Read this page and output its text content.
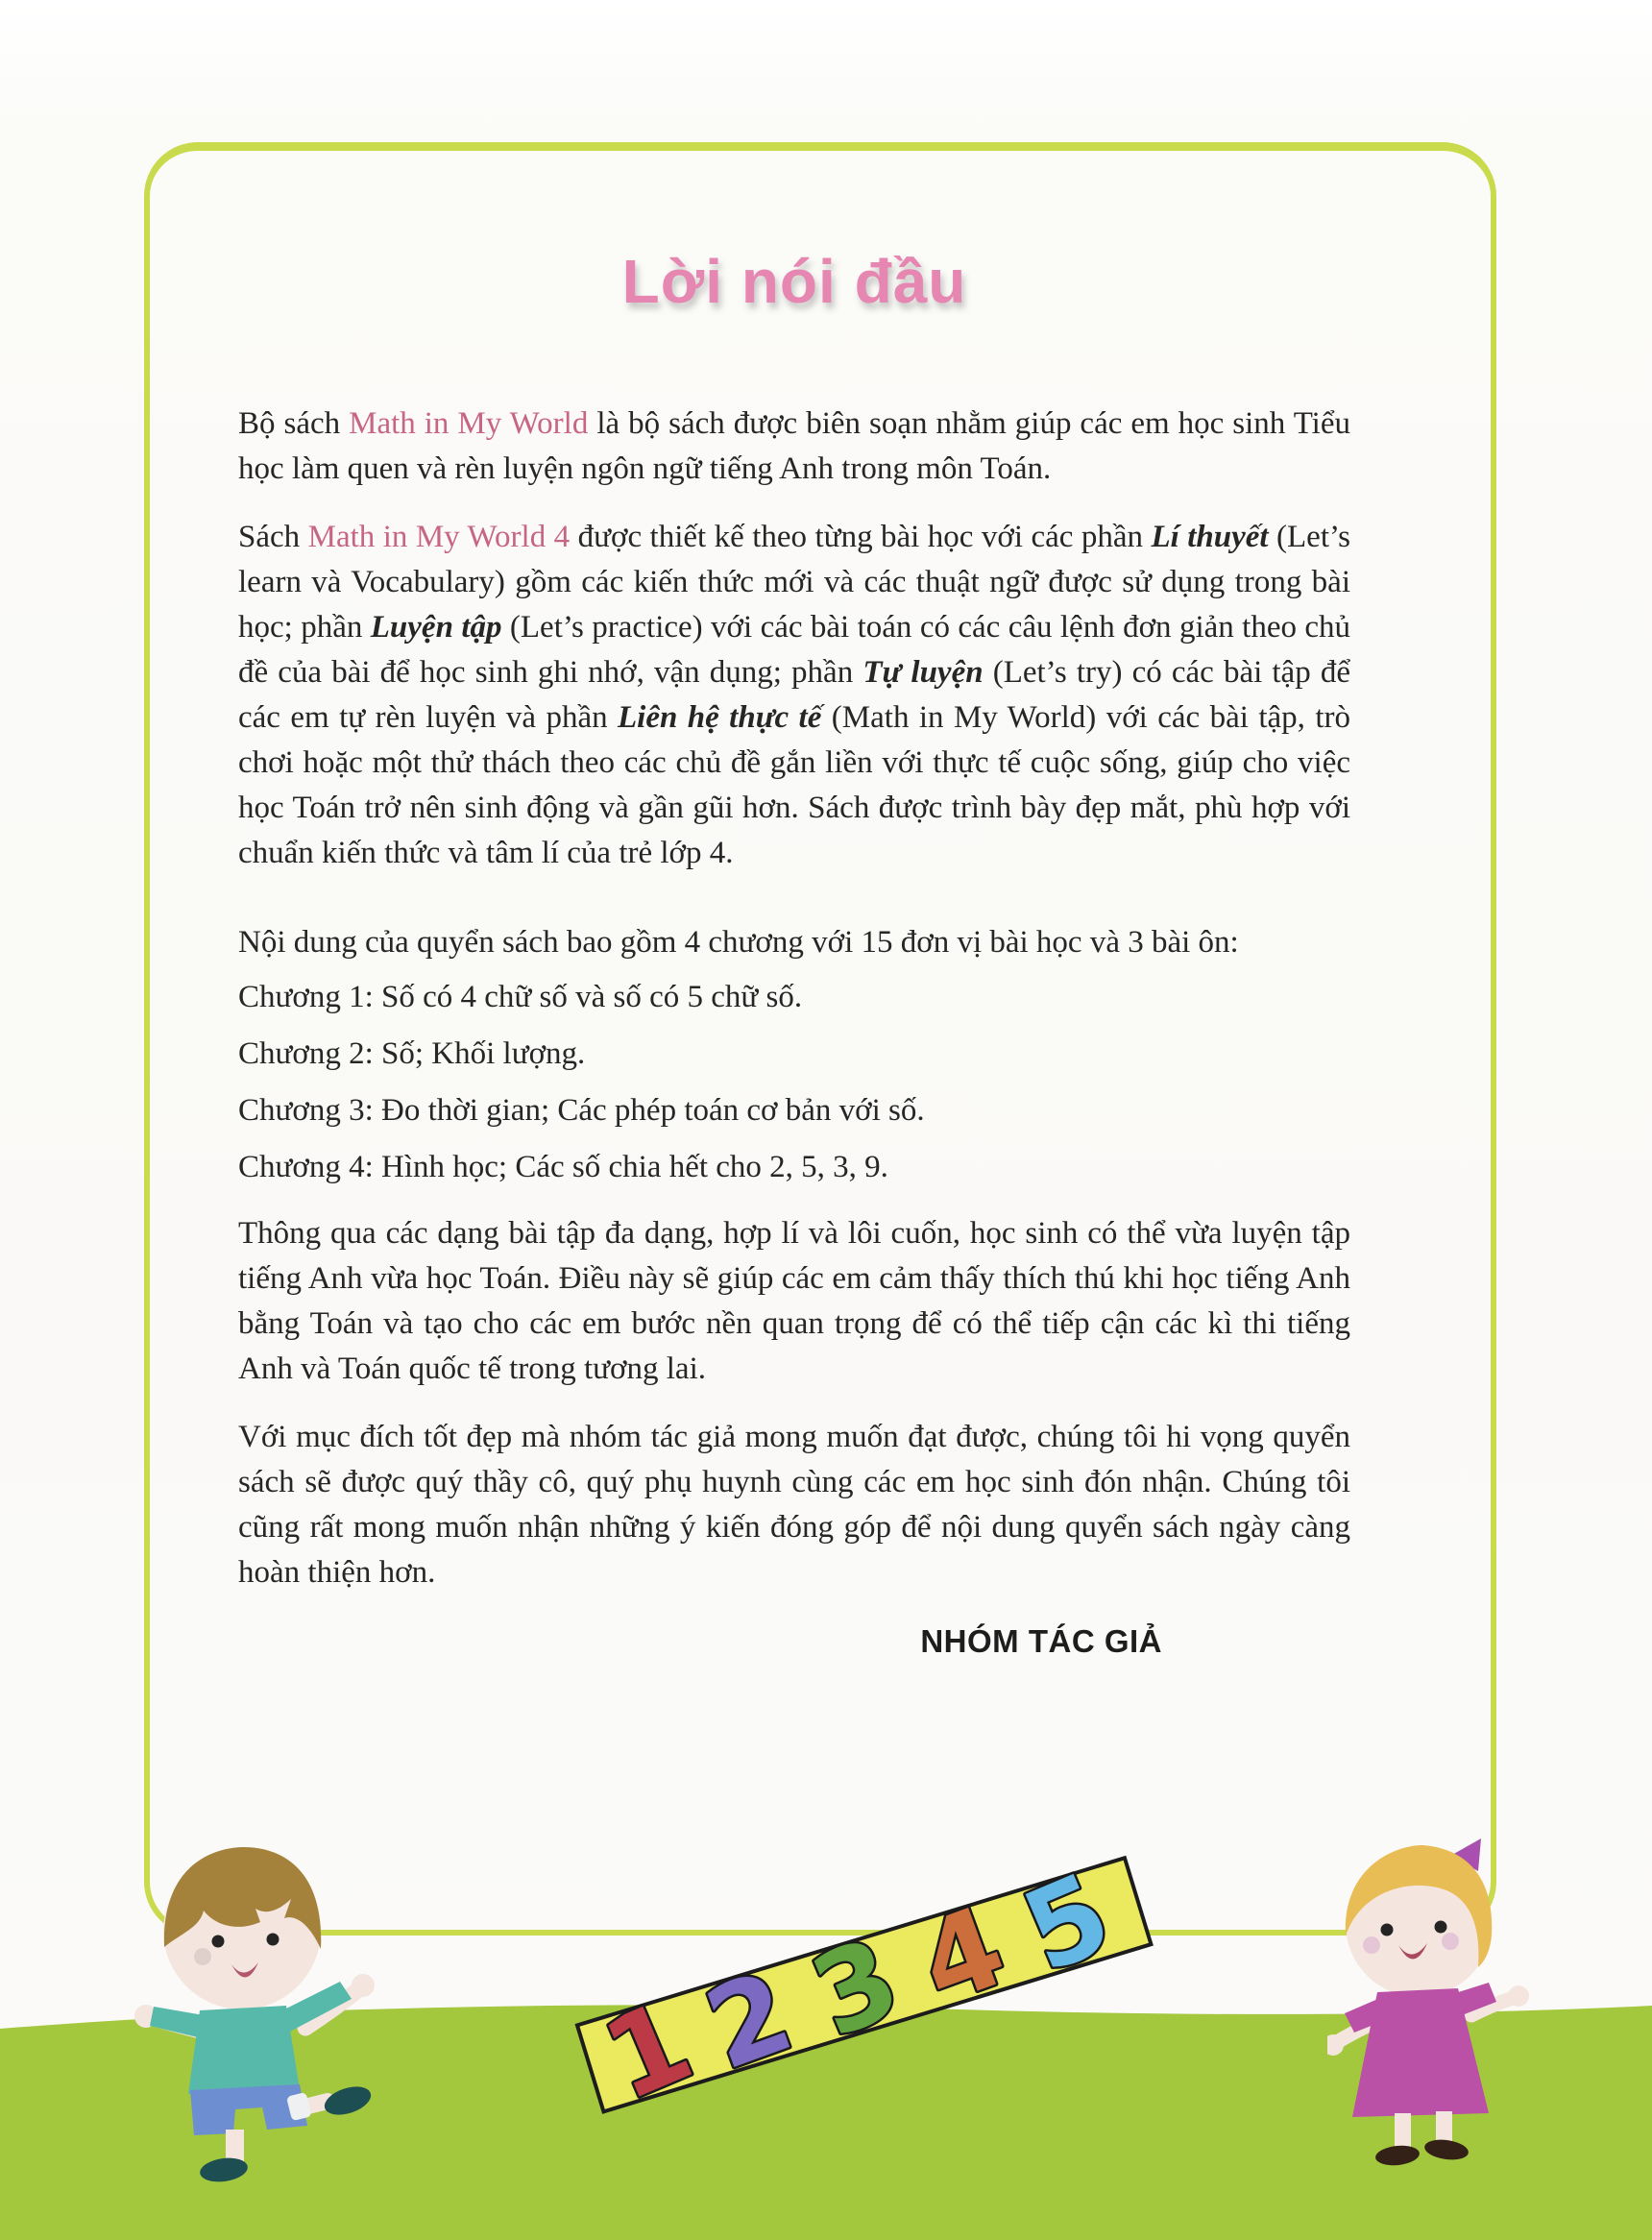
Lời nói đầu

Bộ sách Math in My World là bộ sách được biên soạn nhằm giúp các em học sinh Tiểu học làm quen và rèn luyện ngôn ngữ tiếng Anh trong môn Toán.

Sách Math in My World 4 được thiết kế theo từng bài học với các phần Lí thuyết (Let’s learn và Vocabulary) gồm các kiến thức mới và các thuật ngữ được sử dụng trong bài học; phần Luyện tập (Let’s practice) với các bài toán có các câu lệnh đơn giản theo chủ đề của bài để học sinh ghi nhớ, vận dụng; phần Tự luyện (Let’s try) có các bài tập để các em tự rèn luyện và phần Liên hệ thực tế (Math in My World) với các bài tập, trò chơi hoặc một thử thách theo các chủ đề gắn liền với thực tế cuộc sống, giúp cho việc học Toán trở nên sinh động và gần gũi hơn. Sách được trình bày đẹp mắt, phù hợp với chuẩn kiến thức và tâm lí của trẻ lớp 4.

Nội dung của quyển sách bao gồm 4 chương với 15 đơn vị bài học và 3 bài ôn:

Chương 1: Số có 4 chữ số và số có 5 chữ số.
Chương 2: Số; Khối lượng.
Chương 3: Đo thời gian; Các phép toán cơ bản với số.
Chương 4: Hình học; Các số chia hết cho 2, 5, 3, 9.

Thông qua các dạng bài tập đa dạng, hợp lí và lôi cuốn, học sinh có thể vừa luyện tập tiếng Anh vừa học Toán. Điều này sẽ giúp các em cảm thấy thích thú khi học tiếng Anh bằng Toán và tạo cho các em bước nền quan trọng để có thể tiếp cận các kì thi tiếng Anh và Toán quốc tế trong tương lai.

Với mục đích tốt đẹp mà nhóm tác giả mong muốn đạt được, chúng tôi hi vọng quyển sách sẽ được quý thầy cô, quý phụ huynh cùng các em học sinh đón nhận. Chúng tôi cũng rất mong muốn nhận những ý kiến đóng góp để nội dung quyển sách ngày càng hoàn thiện hơn.

NHÓM TÁC GIẢ
1
2
3
4
5
